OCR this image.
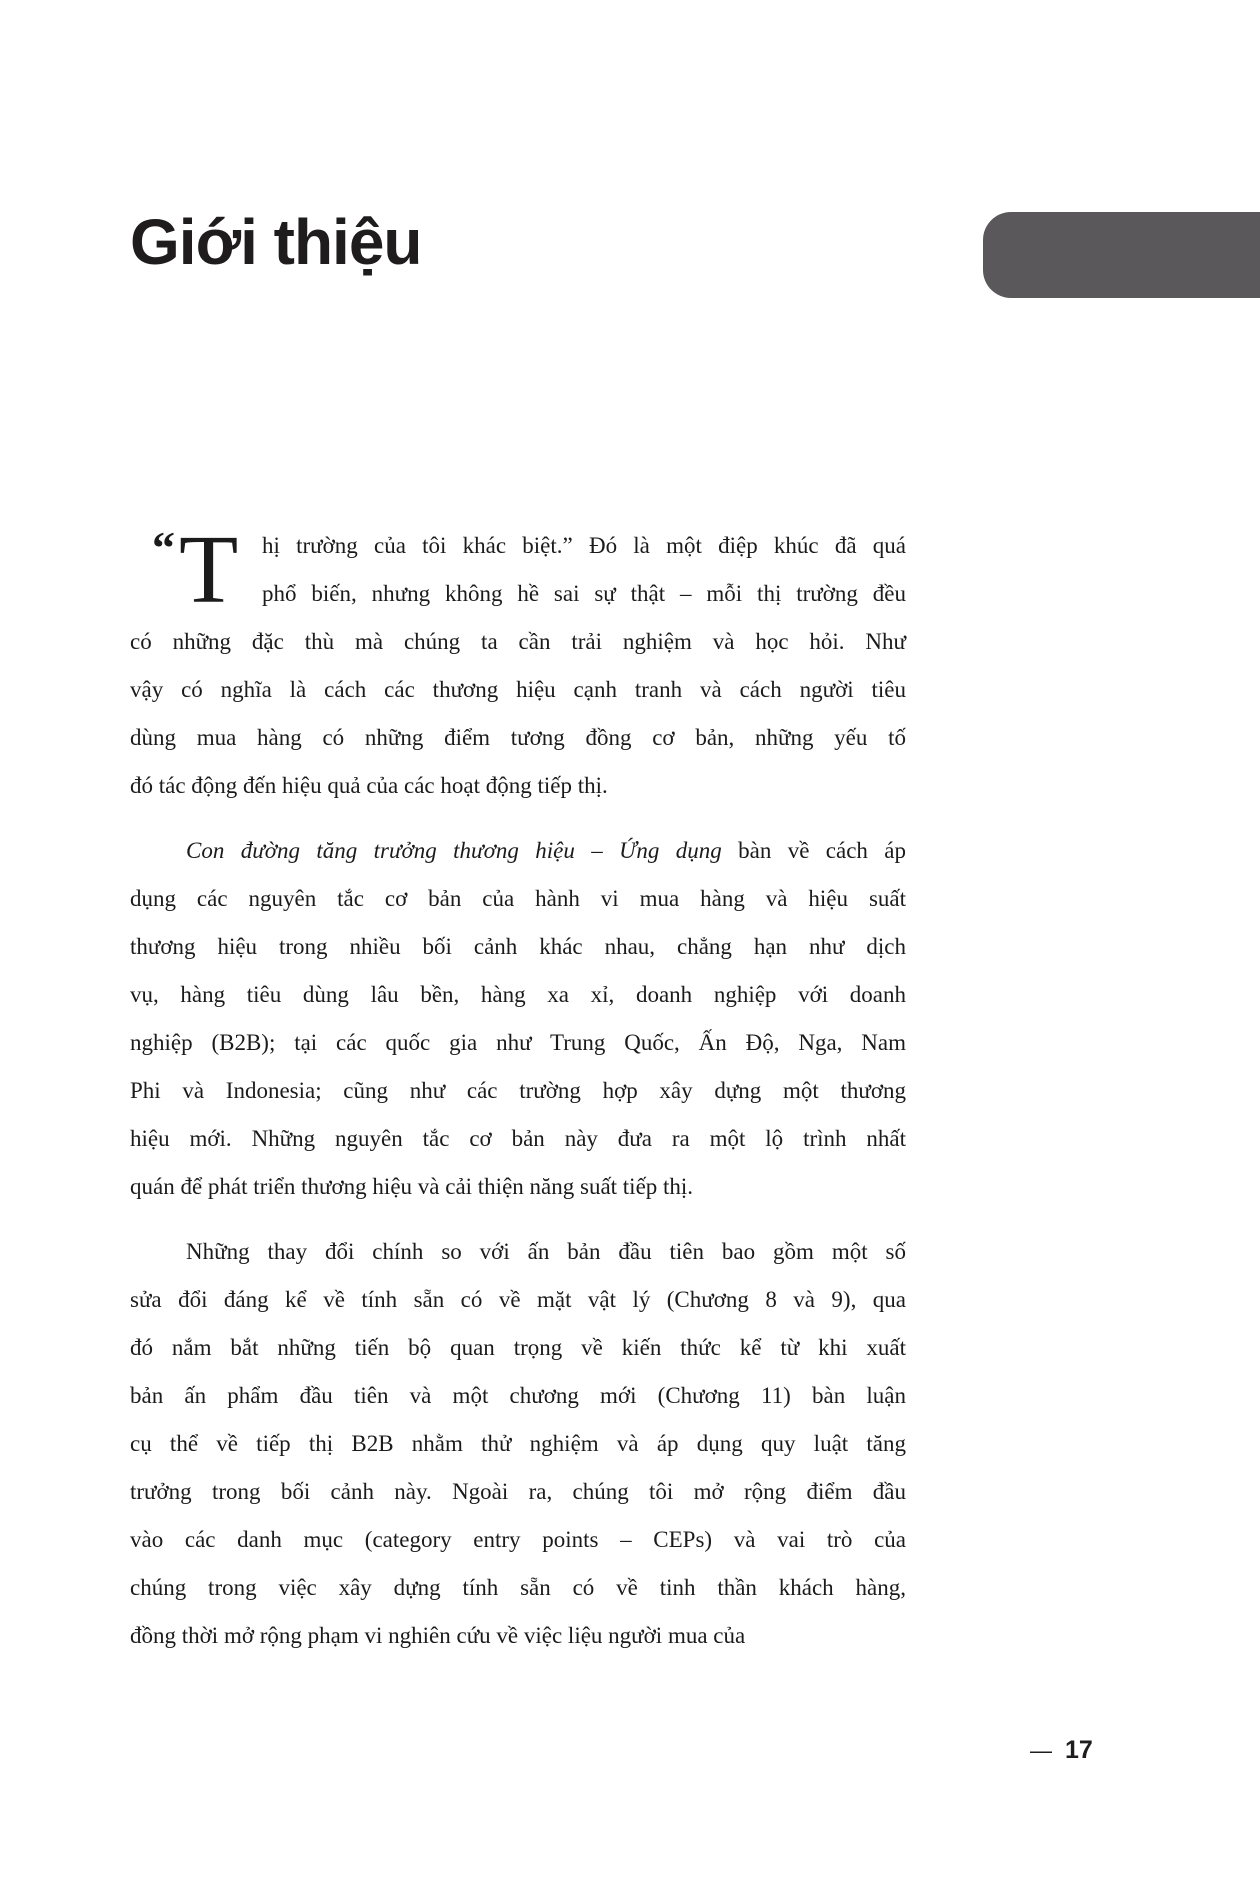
Giới thiệu
“ T	hị trường của tôi khác biệt.” Đó là một điệp khúc đã quá
phổ biến, nhưng không hề sai sự thật – mỗi thị trường đều
có những đặc thù mà chúng ta cần trải nghiệm và học hỏi. Như
vậy có nghĩa là cách các thương hiệu cạnh tranh và cách người tiêu
dùng mua hàng có những điểm tương đồng cơ bản, những yếu tố
đó tác động đến hiệu quả của các hoạt động tiếp thị.
Con đường tăng trưởng thương hiệu – Ứng dụng bàn về cách áp
dụng các nguyên tắc cơ bản của hành vi mua hàng và hiệu suất
thương hiệu trong nhiều bối cảnh khác nhau, chẳng hạn như dịch
vụ, hàng tiêu dùng lâu bền, hàng xa xỉ, doanh nghiệp với doanh
nghiệp (B2B); tại các quốc gia như Trung Quốc, Ấn Độ, Nga, Nam
Phi và Indonesia; cũng như các trường hợp xây dựng một thương
hiệu mới. Những nguyên tắc cơ bản này đưa ra một lộ trình nhất
quán để phát triển thương hiệu và cải thiện năng suất tiếp thị.
Những thay đổi chính so với ấn bản đầu tiên bao gồm một số
sửa đổi đáng kể về tính sẵn có về mặt vật lý (Chương 8 và 9), qua
đó nắm bắt những tiến bộ quan trọng về kiến thức kể từ khi xuất
bản ấn phẩm đầu tiên và một chương mới (Chương 11) bàn luận
cụ thể về tiếp thị B2B nhằm thử nghiệm và áp dụng quy luật tăng
trưởng trong bối cảnh này. Ngoài ra, chúng tôi mở rộng điểm đầu
vào các danh mục (category entry points – CEPs) và vai trò của
chúng trong việc xây dựng tính sẵn có về tinh thần khách hàng,
đồng thời mở rộng phạm vi nghiên cứu về việc liệu người mua của
— 17
